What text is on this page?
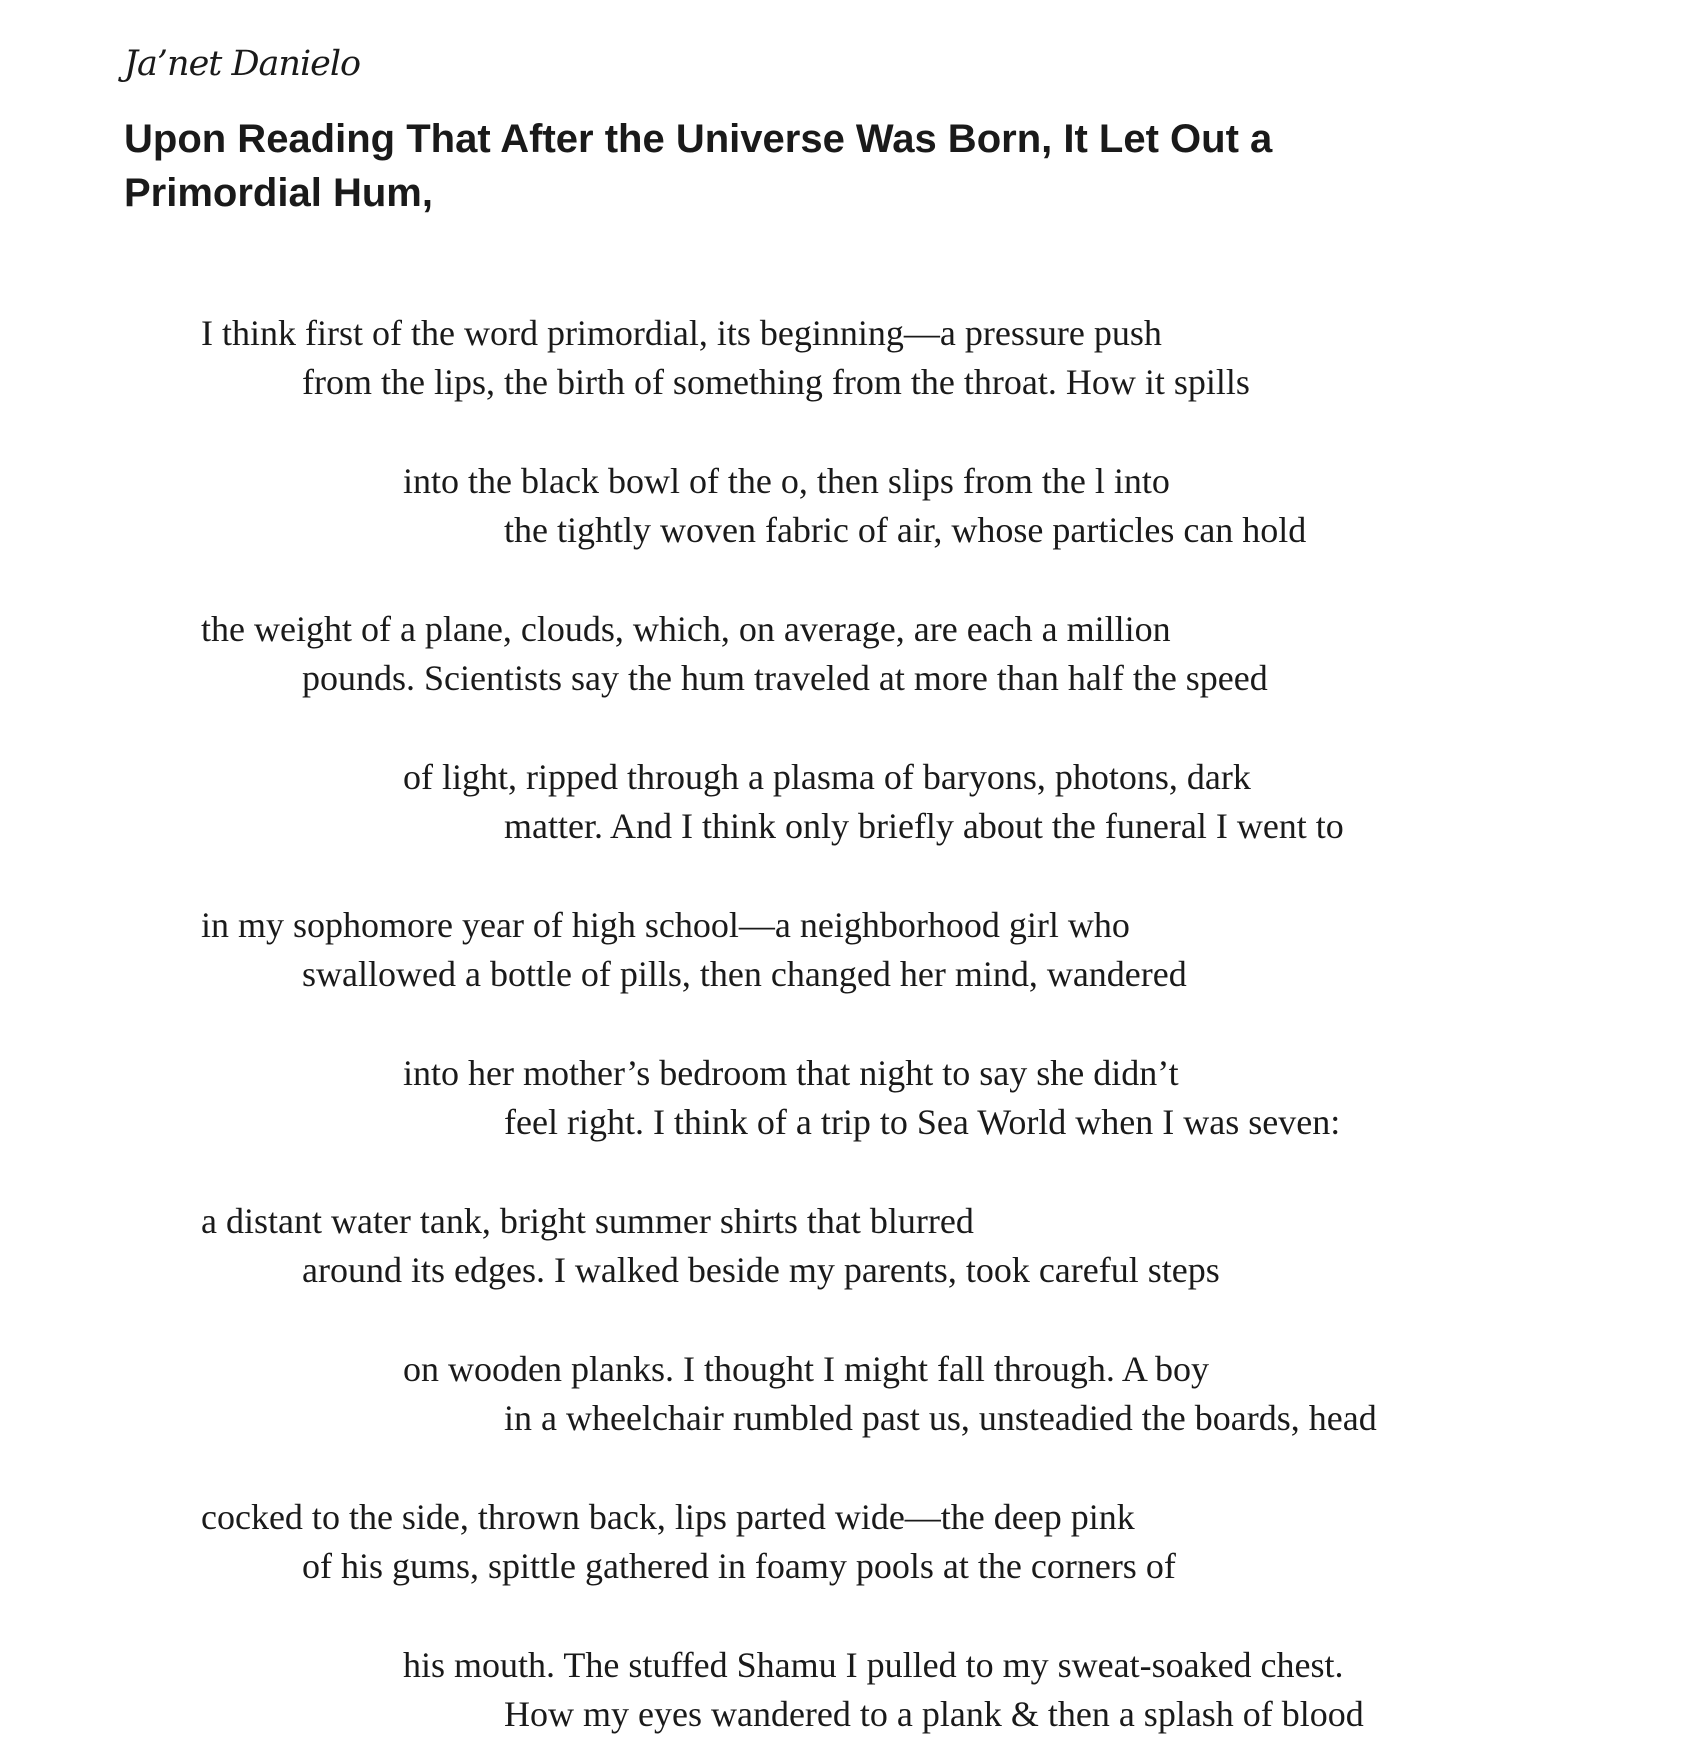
Ja’net Danielo
Upon Reading That After the Universe Was Born, It Let Out a
Primordial Hum,
I think first of the word primordial, its beginning—a pressure push
from the lips, the birth of something from the throat. How it spills
into the black bowl of the o, then slips from the l into
the tightly woven fabric of air, whose particles can hold
the weight of a plane, clouds, which, on average, are each a million
pounds. Scientists say the hum traveled at more than half the speed
of light, ripped through a plasma of baryons, photons, dark
matter. And I think only briefly about the funeral I went to
in my sophomore year of high school—a neighborhood girl who
swallowed a bottle of pills, then changed her mind, wandered
into her mother’s bedroom that night to say she didn’t
feel right. I think of a trip to Sea World when I was seven:
a distant water tank, bright summer shirts that blurred
around its edges. I walked beside my parents, took careful steps
on wooden planks. I thought I might fall through. A boy
in a wheelchair rumbled past us, unsteadied the boards, head
cocked to the side, thrown back, lips parted wide—the deep pink
of his gums, spittle gathered in foamy pools at the corners of
his mouth. The stuffed Shamu I pulled to my sweat-soaked chest.
How my eyes wandered to a plank & then a splash of blood
